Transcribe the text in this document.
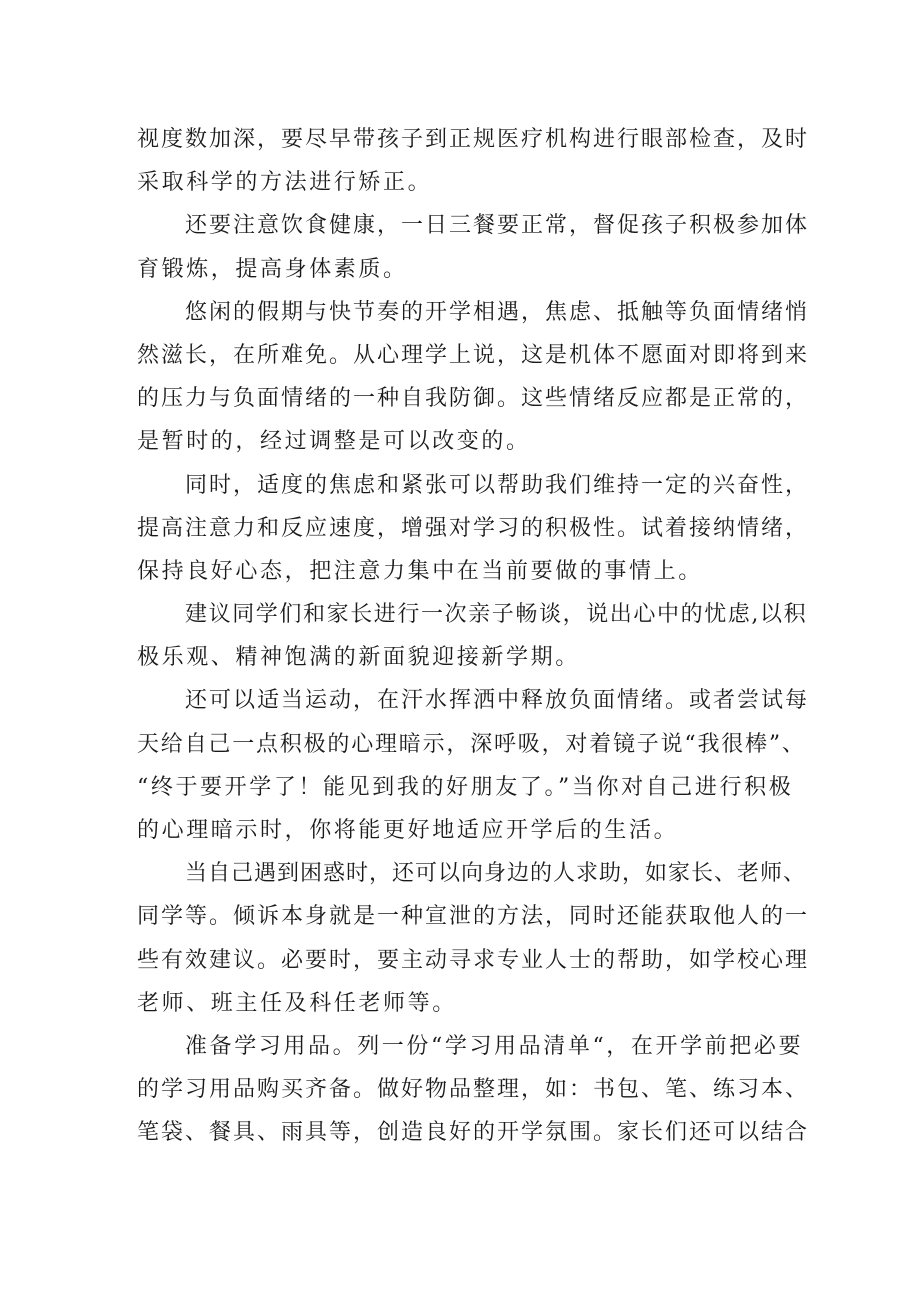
视度数加深，要尽早带孩子到正规医疗机构进行眼部检查，及时
采取科学的方法进行矫正。
还要注意饮食健康，一日三餐要正常，督促孩子积极参加体
育锻炼，提高身体素质。
悠闲的假期与快节奏的开学相遇，焦虑、抵触等负面情绪悄
然滋长，在所难免。从心理学上说，这是机体不愿面对即将到来
的压力与负面情绪的一种自我防御。这些情绪反应都是正常的，
是暂时的，经过调整是可以改变的。
同时，适度的焦虑和紧张可以帮助我们维持一定的兴奋性，
提高注意力和反应速度，增强对学习的积极性。试着接纳情绪，
保持良好心态，把注意力集中在当前要做的事情上。
建议同学们和家长进行一次亲子畅谈，说出心中的忧虑,以积
极乐观、精神饱满的新面貌迎接新学期。
还可以适当运动，在汗水挥洒中释放负面情绪。或者尝试每
天给自己一点积极的心理暗示，深呼吸，对着镜子说“我很棒”、
“终于要开学了！能见到我的好朋友了。”当你对自己进行积极
的心理暗示时，你将能更好地适应开学后的生活。
当自己遇到困惑时，还可以向身边的人求助，如家长、老师、
同学等。倾诉本身就是一种宣泄的方法，同时还能获取他人的一
些有效建议。必要时，要主动寻求专业人士的帮助，如学校心理
老师、班主任及科任老师等。
准备学习用品。列一份“学习用品清单“，在开学前把必要
的学习用品购买齐备。做好物品整理，如：书包、笔、练习本、
笔袋、餐具、雨具等，创造良好的开学氛围。家长们还可以结合
